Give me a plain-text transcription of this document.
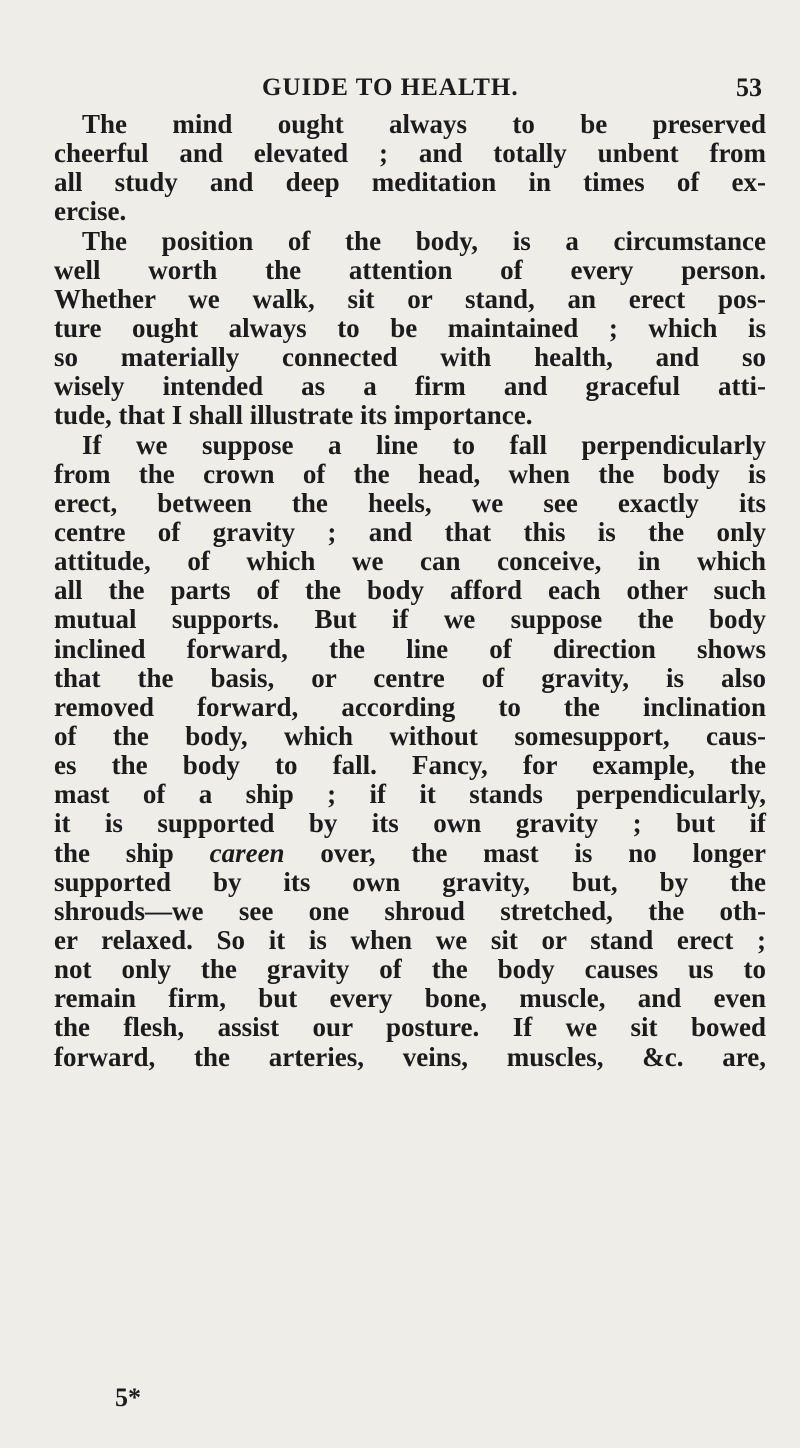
GUIDE TO HEALTH.	53
The mind ought always to be preserved
cheerful and elevated ; and totally unbent from
all study and deep meditation in times of ex-
ercise.
The position of the body, is a circumstance
well worth the attention of every person.
Whether we walk, sit or stand, an erect pos-
ture ought always to be maintained ; which is
so materially connected with health, and so
wisely intended as a firm and graceful atti-
tude, that I shall illustrate its importance.
If we suppose a line to fall perpendicularly
from the crown of the head, when the body is
erect, between the heels, we see exactly its
centre of gravity ; and that this is the only
attitude, of which we can conceive, in which
all the parts of the body afford each other such
mutual supports. But if we suppose the body
inclined forward, the line of direction shows
that the basis, or centre of gravity, is also
removed forward, according to the inclination
of the body, which without somesupport, caus-
es the body to fall. Fancy, for example, the
mast of a ship ; if it stands perpendicularly,
it is supported by its own gravity ; but if
the ship careen over, the mast is no longer
supported by its own gravity, but, by the
shrouds—we see one shroud stretched, the oth-
er relaxed. So it is when we sit or stand erect ;
not only the gravity of the body causes us to
remain firm, but every bone, muscle, and even
the flesh, assist our posture. If we sit bowed
forward, the arteries, veins, muscles, &c. are,
5*
